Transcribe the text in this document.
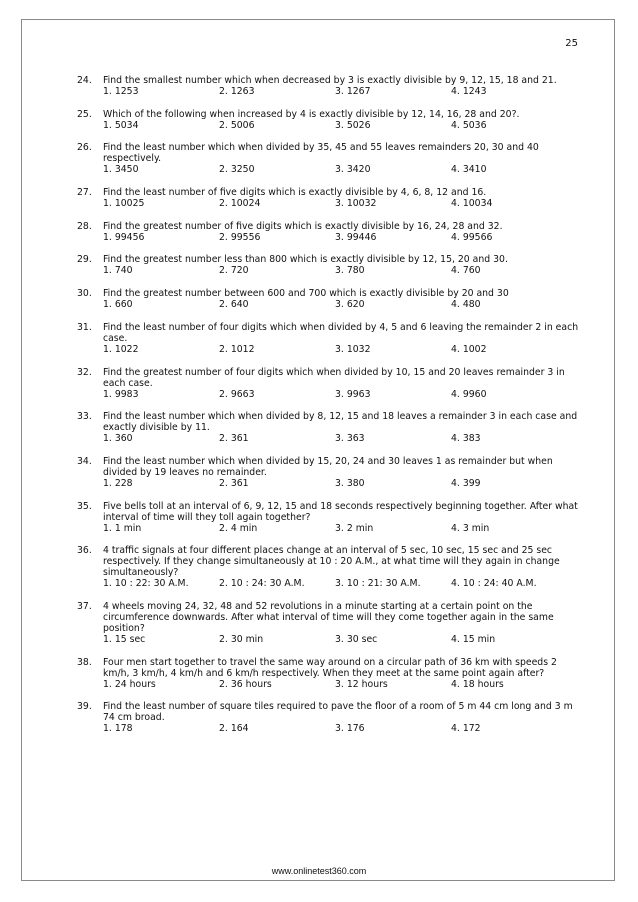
25
24. Find the smallest number which when decreased by 3 is exactly divisible by 9, 12, 15, 18 and 21.
1. 1253	2. 1263	3. 1267	4. 1243
25. Which of the following when increased by 4 is exactly divisible by 12, 14, 16, 28 and 20?.
1. 5034	2. 5006	3. 5026	4. 5036
26. Find the least number which when divided by 35, 45 and 55 leaves remainders 20, 30 and 40 respectively.
1. 3450	2. 3250	3. 3420	4. 3410
27. Find the least number of five digits which is exactly divisible by 4, 6, 8, 12 and 16.
1. 10025	2. 10024	3. 10032	4. 10034
28. Find the greatest number of five digits which is exactly divisible by 16, 24, 28 and 32.
1. 99456	2. 99556	3. 99446	4. 99566
29. Find the greatest number less than 800 which is exactly divisible by 12, 15, 20 and 30.
1. 740	2. 720	3. 780	4. 760
30. Find the greatest number between 600 and 700 which is exactly divisible by 20 and 30
1. 660	2. 640	3. 620	4. 480
31. Find the least number of four digits which when divided by 4, 5 and 6 leaving the remainder 2 in each case.
1. 1022	2. 1012	3. 1032	4. 1002
32. Find the greatest number of four digits which when divided by 10, 15 and 20 leaves remainder 3 in each case.
1. 9983	2. 9663	3. 9963	4. 9960
33. Find the least number which when divided by 8, 12, 15 and 18 leaves a remainder 3 in each case and exactly divisible by 11.
1. 360	2. 361	3. 363	4. 383
34. Find the least number which when divided by 15, 20, 24 and 30 leaves 1 as remainder but when divided by 19 leaves no remainder.
1. 228	2. 361	3. 380	4. 399
35. Five bells toll at an interval of 6, 9, 12, 15 and 18 seconds respectively beginning together. After what interval of time will they toll again together?
1. 1 min	2. 4 min	3. 2 min	4. 3 min
36. 4 traffic signals at four different places change at an interval of 5 sec, 10 sec, 15 sec and 25 sec respectively. If they change simultaneously at 10 : 20 A.M., at what time will they again in change simultaneously?
1. 10 : 22: 30 A.M.	2. 10 : 24: 30 A.M.	3. 10 : 21: 30 A.M.	4. 10 : 24: 40 A.M.
37. 4 wheels moving 24, 32, 48 and 52 revolutions in a minute starting at a certain point on the circumference downwards. After what interval of time will they come together again in the same position?
1. 15 sec	2. 30 min	3. 30 sec	4. 15 min
38. Four men start together to travel the same way around on a circular path of 36 km with speeds 2 km/h, 3 km/h, 4 km/h and 6 km/h respectively. When they meet at the same point again after?
1. 24 hours	2. 36 hours	3. 12 hours	4. 18 hours
39. Find the least number of square tiles required to pave the floor of a room of 5 m 44 cm long and 3 m 74 cm broad.
1. 178	2. 164	3. 176	4. 172
www.onlinetest360.com
